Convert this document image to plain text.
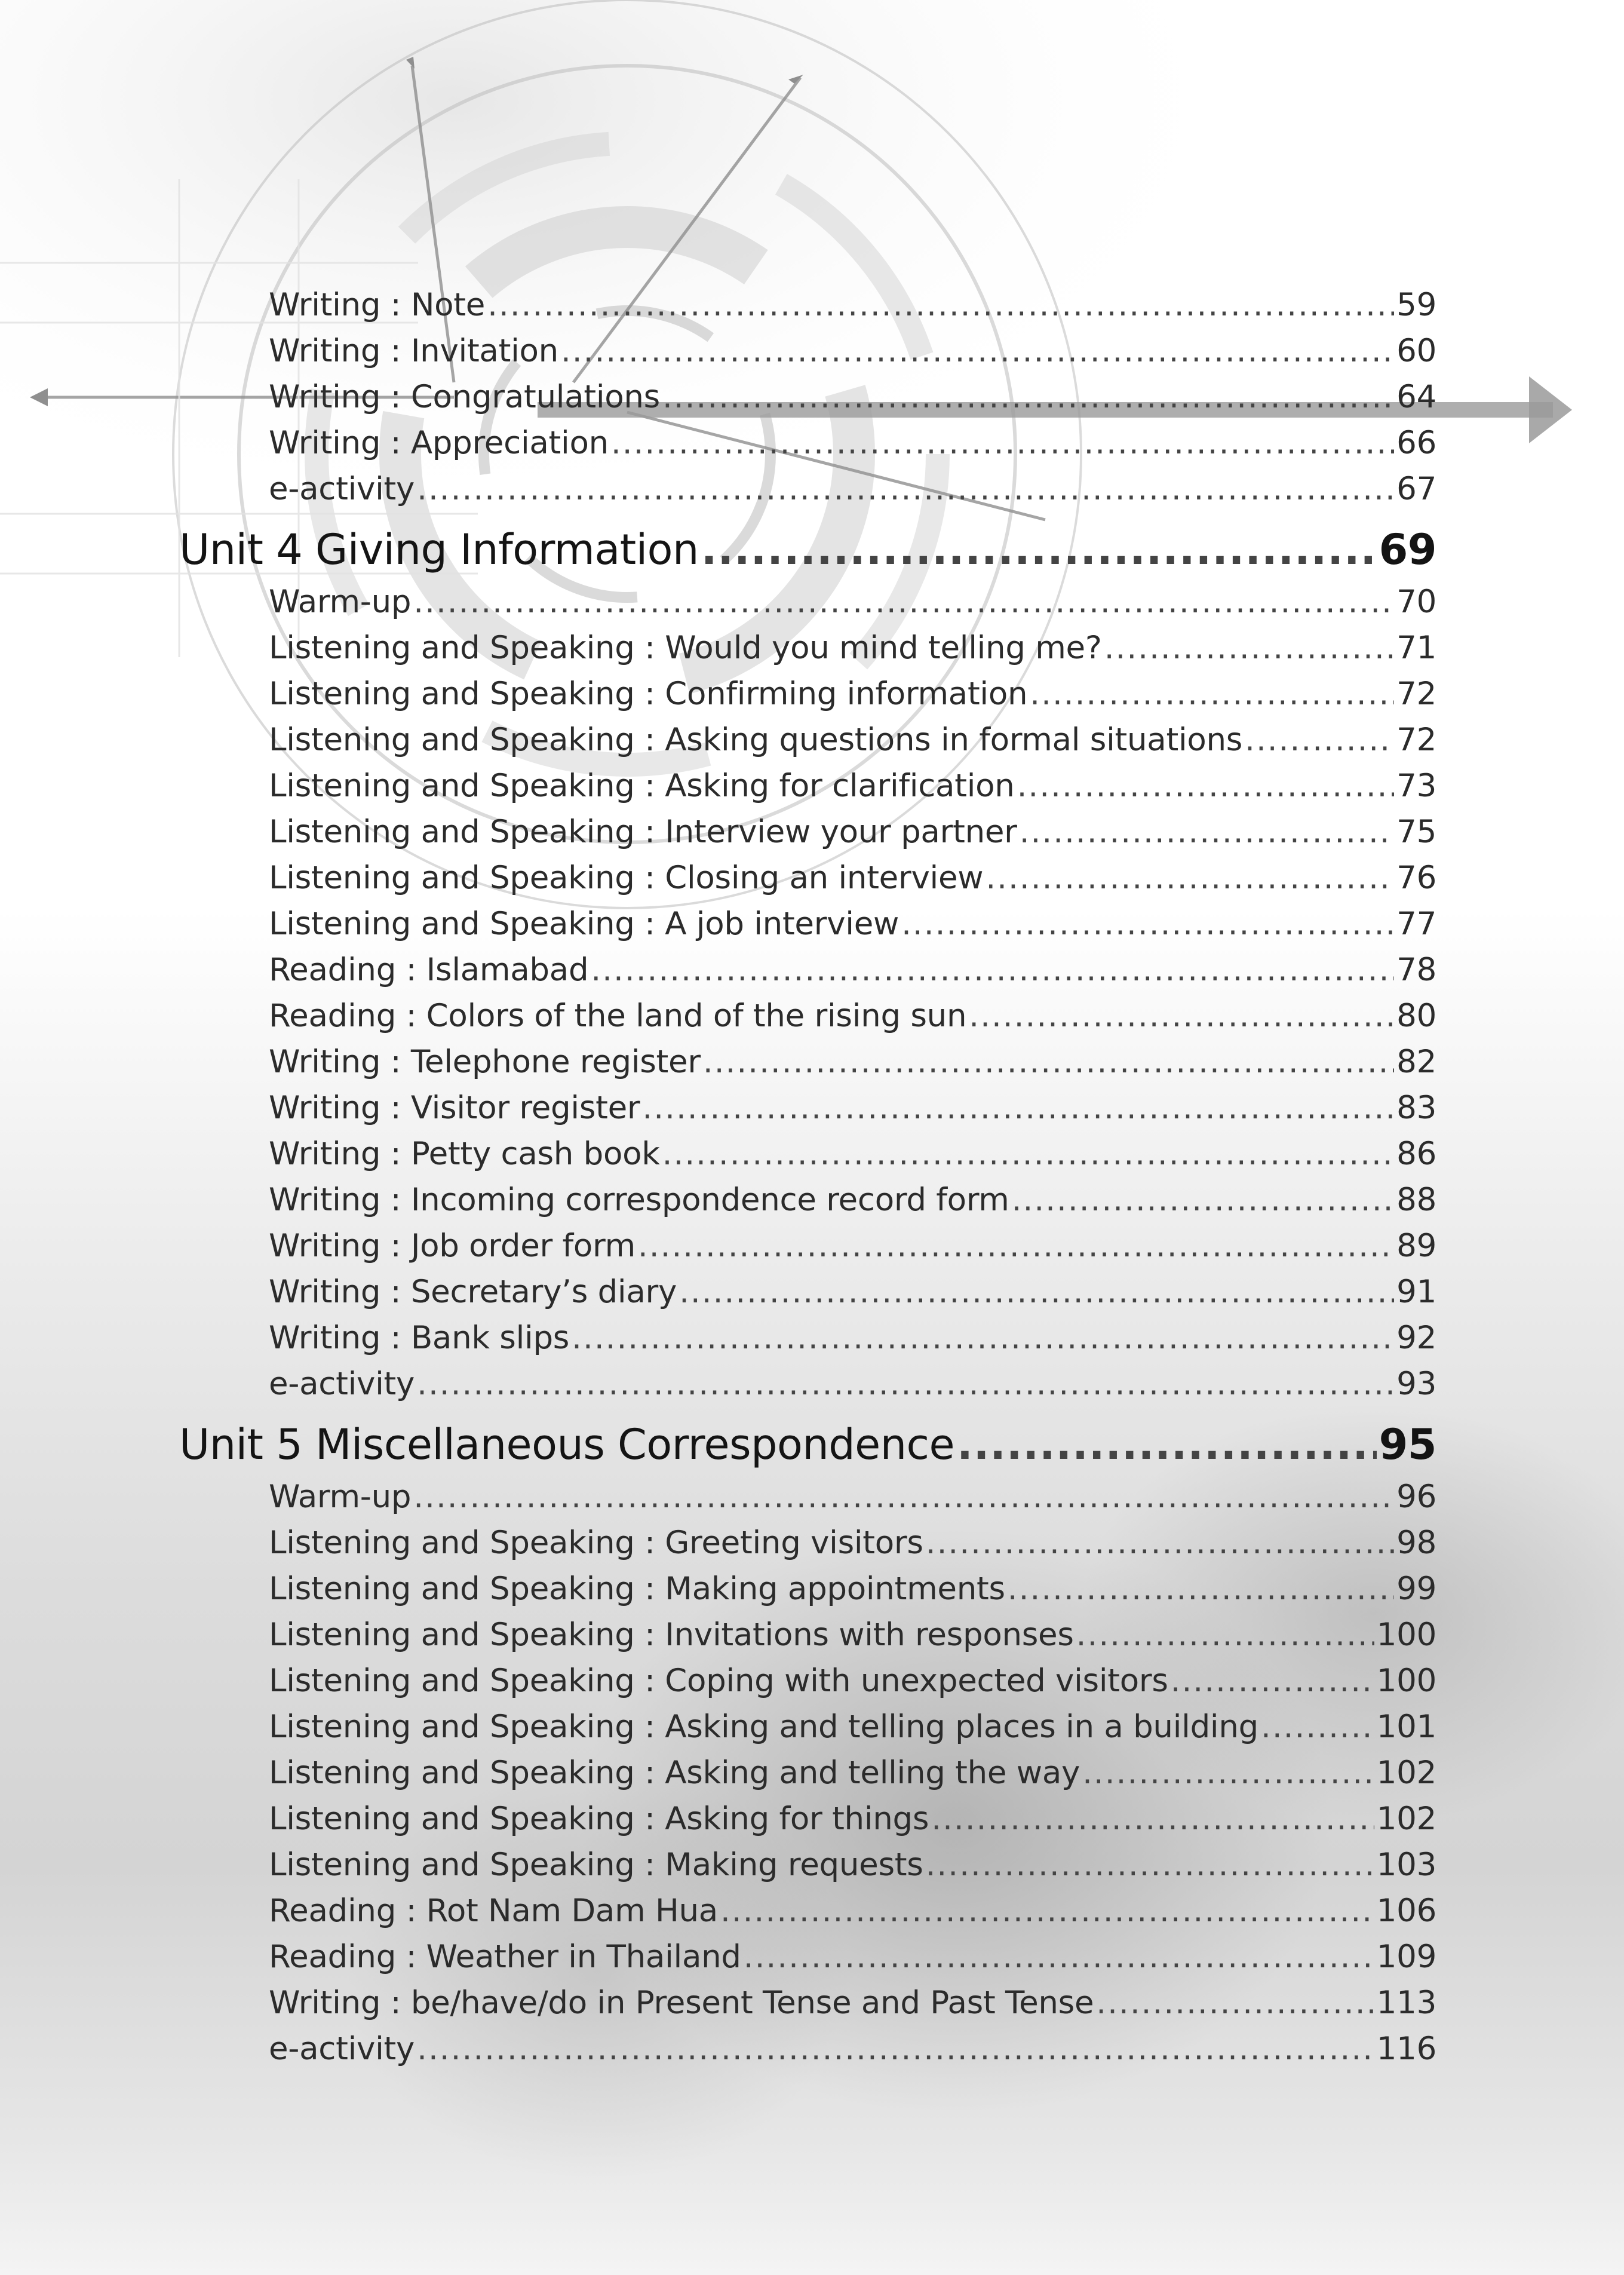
Writing : Note .....	59
Writing : Invitation .....	60
Writing : Congratulations .....	64
Writing : Appreciation .....	66
e-activity .....	67
Unit 4 Giving Information .....	69
Warm-up .....	70
Listening and Speaking : Would you mind telling me? .....	71
Listening and Speaking : Confirming information .....	72
Listening and Speaking : Asking questions in formal situations .....	72
Listening and Speaking : Asking for clarification .....	73
Listening and Speaking : Interview your partner .....	75
Listening and Speaking : Closing an interview .....	76
Listening and Speaking : A job interview .....	77
Reading : Islamabad .....	78
Reading : Colors of the land of the rising sun .....	80
Writing : Telephone register .....	82
Writing : Visitor register .....	83
Writing : Petty cash book .....	86
Writing : Incoming correspondence record form .....	88
Writing : Job order form .....	89
Writing : Secretary’s diary .....	91
Writing : Bank slips .....	92
e-activity .....	93
Unit 5 Miscellaneous Correspondence .....	95
Warm-up .....	96
Listening and Speaking : Greeting visitors .....	98
Listening and Speaking : Making appointments .....	99
Listening and Speaking : Invitations with responses .....	100
Listening and Speaking : Coping with unexpected visitors .....	100
Listening and Speaking : Asking and telling places in a building .....	101
Listening and Speaking : Asking and telling the way .....	102
Listening and Speaking : Asking for things .....	102
Listening and Speaking : Making requests .....	103
Reading : Rot Nam Dam Hua .....	106
Reading : Weather in Thailand .....	109
Writing : be/have/do in Present Tense and Past Tense .....	113
e-activity .....	116
